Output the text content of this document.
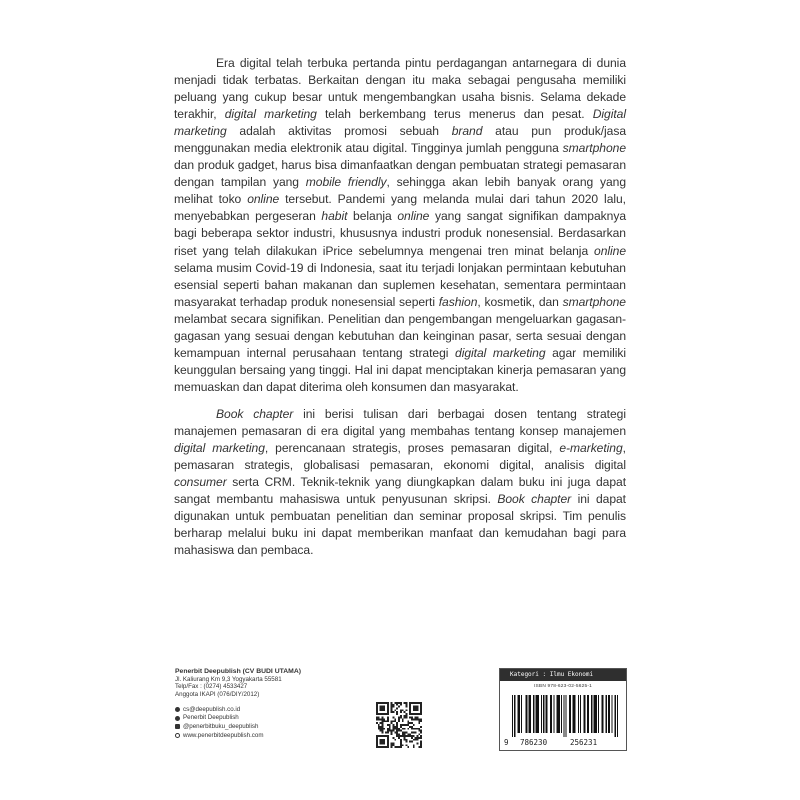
Era digital telah terbuka pertanda pintu perdagangan antarnegara di dunia menjadi tidak terbatas. Berkaitan dengan itu maka sebagai pengusaha memiliki peluang yang cukup besar untuk mengembangkan usaha bisnis. Selama dekade terakhir, digital marketing telah berkembang terus menerus dan pesat. Digital marketing adalah aktivitas promosi sebuah brand atau pun produk/jasa menggunakan media elektronik atau digital. Tingginya jumlah pengguna smartphone dan produk gadget, harus bisa dimanfaatkan dengan pembuatan strategi pemasaran dengan tampilan yang mobile friendly, sehingga akan lebih banyak orang yang melihat toko online tersebut. Pandemi yang melanda mulai dari tahun 2020 lalu, menyebabkan pergeseran habit belanja online yang sangat signifikan dampaknya bagi beberapa sektor industri, khususnya industri produk nonesensial. Berdasarkan riset yang telah dilakukan iPrice sebelumnya mengenai tren minat belanja online selama musim Covid-19 di Indonesia, saat itu terjadi lonjakan permintaan kebutuhan esensial seperti bahan makanan dan suplemen kesehatan, sementara permintaan masyarakat terhadap produk nonesensial seperti fashion, kosmetik, dan smartphone melambat secara signifikan. Penelitian dan pengembangan mengeluarkan gagasan-gagasan yang sesuai dengan kebutuhan dan keinginan pasar, serta sesuai dengan kemampuan internal perusahaan tentang strategi digital marketing agar memiliki keunggulan bersaing yang tinggi. Hal ini dapat menciptakan kinerja pemasaran yang memuaskan dan dapat diterima oleh konsumen dan masyarakat.

Book chapter ini berisi tulisan dari berbagai dosen tentang strategi manajemen pemasaran di era digital yang membahas tentang konsep manajemen digital marketing, perencanaan strategis, proses pemasaran digital, e-marketing, pemasaran strategis, globalisasi pemasaran, ekonomi digital, analisis digital consumer serta CRM. Teknik-teknik yang diungkapkan dalam buku ini juga dapat sangat membantu mahasiswa untuk penyusunan skripsi. Book chapter ini dapat digunakan untuk pembuatan penelitian dan seminar proposal skripsi. Tim penulis berharap melalui buku ini dapat memberikan manfaat dan kemudahan bagi para mahasiswa dan pembaca.

Penerbit Deepublish (CV BUDI UTAMA)
Jl. Kaliurang Km 9,3 Yogyakarta 55581
Telp/Fax : (0274) 4533427
Anggota IKAPI (076/DIY/2012)
cs@deepublish.co.id
Penerbit Deepublish
@penerbitbuku_deepublish
www.penerbitdeepublish.com
Kategori : Ilmu Ekonomi
ISBN 978-623-02-5625-1
9 786230	256231
